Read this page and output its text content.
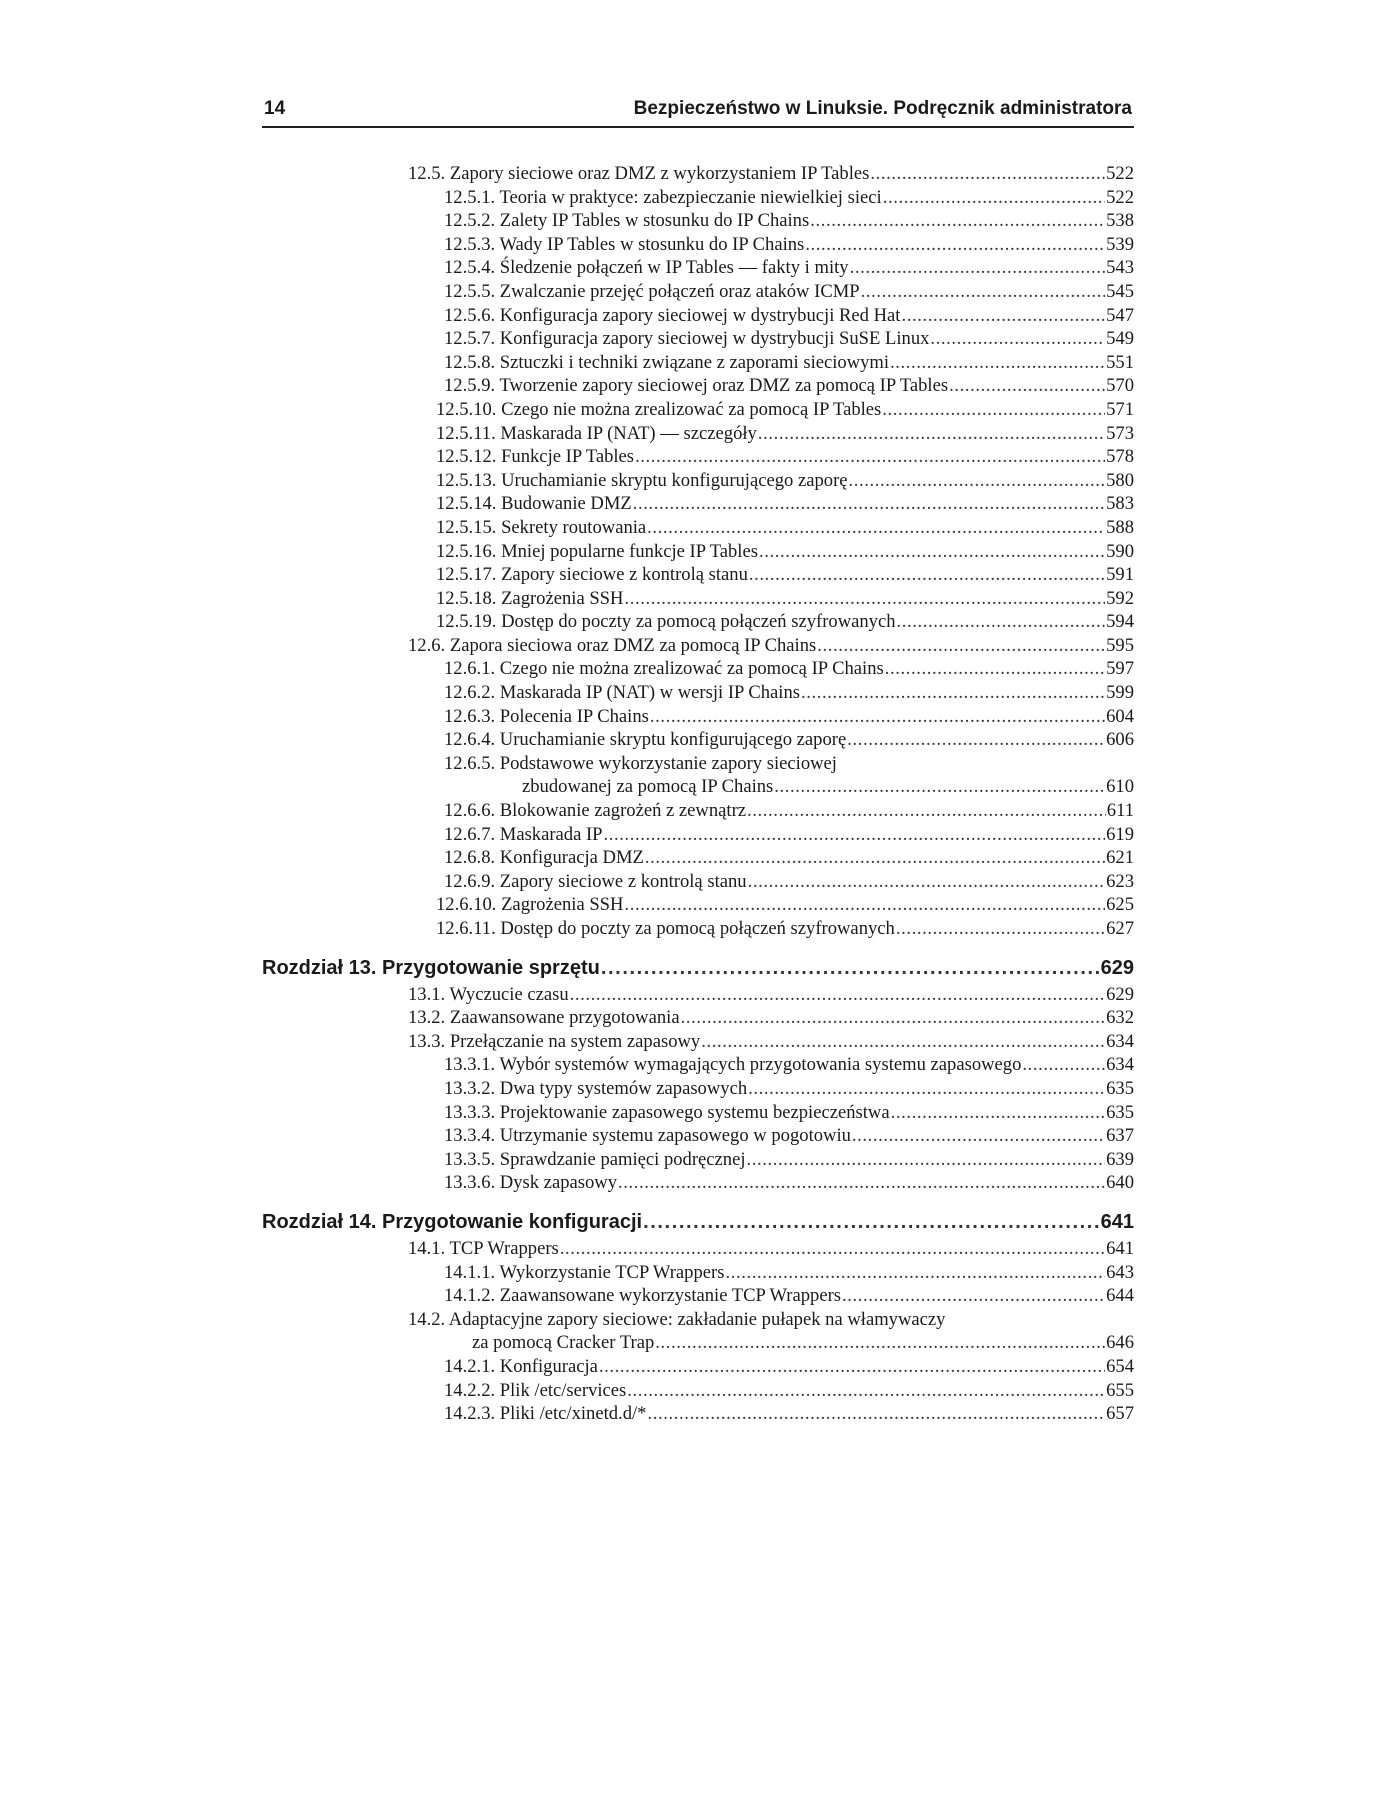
14	Bezpieczeństwo w Linuksie. Podręcznik administratora
12.5. Zapory sieciowe oraz DMZ z wykorzystaniem IP Tables .....	522
12.5.1. Teoria w praktyce: zabezpieczanie niewielkiej sieci .....	522
12.5.2. Zalety IP Tables w stosunku do IP Chains .....	538
12.5.3. Wady IP Tables w stosunku do IP Chains .....	539
12.5.4. Śledzenie połączeń w IP Tables — fakty i mity .....	543
12.5.5. Zwalczanie przejęć połączeń oraz ataków ICMP .....	545
12.5.6. Konfiguracja zapory sieciowej w dystrybucji Red Hat .....	547
12.5.7. Konfiguracja zapory sieciowej w dystrybucji SuSE Linux .....	549
12.5.8. Sztuczki i techniki związane z zaporami sieciowymi .....	551
12.5.9. Tworzenie zapory sieciowej oraz DMZ za pomocą IP Tables .....	570
12.5.10. Czego nie można zrealizować za pomocą IP Tables .....	571
12.5.11. Maskarada IP (NAT) — szczegóły .....	573
12.5.12. Funkcje IP Tables .....	578
12.5.13. Uruchamianie skryptu konfigurującego zaporę .....	580
12.5.14. Budowanie DMZ .....	583
12.5.15. Sekrety routowania .....	588
12.5.16. Mniej popularne funkcje IP Tables .....	590
12.5.17. Zapory sieciowe z kontrolą stanu .....	591
12.5.18. Zagrożenia SSH .....	592
12.5.19. Dostęp do poczty za pomocą połączeń szyfrowanych .....	594
12.6. Zapora sieciowa oraz DMZ za pomocą IP Chains .....	595
12.6.1. Czego nie można zrealizować za pomocą IP Chains .....	597
12.6.2. Maskarada IP (NAT) w wersji IP Chains .....	599
12.6.3. Polecenia IP Chains .....	604
12.6.4. Uruchamianie skryptu konfigurującego zaporę .....	606
12.6.5. Podstawowe wykorzystanie zapory sieciowej
zbudowanej za pomocą IP Chains .....	610
12.6.6. Blokowanie zagrożeń z zewnątrz .....	611
12.6.7. Maskarada IP .....	619
12.6.8. Konfiguracja DMZ .....	621
12.6.9. Zapory sieciowe z kontrolą stanu .....	623
12.6.10. Zagrożenia SSH .....	625
12.6.11. Dostęp do poczty za pomocą połączeń szyfrowanych .....	627
Rozdział 13. Przygotowanie sprzętu .....	629
13.1. Wyczucie czasu .....	629
13.2. Zaawansowane przygotowania .....	632
13.3. Przełączanie na system zapasowy .....	634
13.3.1. Wybór systemów wymagających przygotowania systemu zapasowego .....	634
13.3.2. Dwa typy systemów zapasowych .....	635
13.3.3. Projektowanie zapasowego systemu bezpieczeństwa .....	635
13.3.4. Utrzymanie systemu zapasowego w pogotowiu .....	637
13.3.5. Sprawdzanie pamięci podręcznej .....	639
13.3.6. Dysk zapasowy .....	640
Rozdział 14. Przygotowanie konfiguracji .....	641
14.1. TCP Wrappers .....	641
14.1.1. Wykorzystanie TCP Wrappers .....	643
14.1.2. Zaawansowane wykorzystanie TCP Wrappers .....	644
14.2. Adaptacyjne zapory sieciowe: zakładanie pułapek na włamywaczy
za pomocą Cracker Trap .....	646
14.2.1. Konfiguracja .....	654
14.2.2. Plik /etc/services .....	655
14.2.3. Pliki /etc/xinetd.d/* .....	657
